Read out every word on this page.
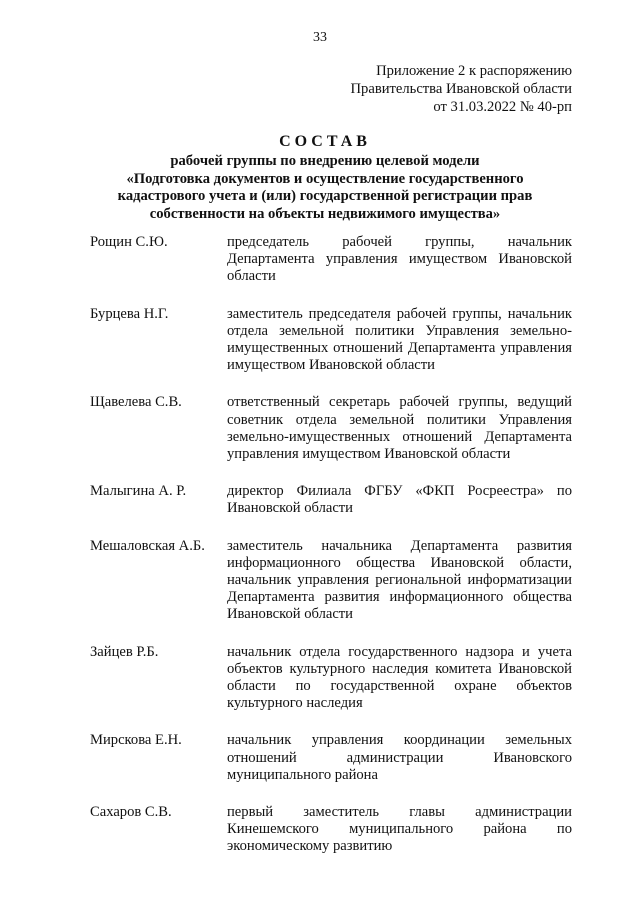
33
Приложение 2 к распоряжению
Правительства Ивановской области
от 31.03.2022 № 40-рп
СОСТАВ
рабочей группы по внедрению целевой модели
«Подготовка документов и осуществление государственного
кадастрового учета и (или) государственной регистрации прав
собственности на объекты недвижимого имущества»
Рощин С.Ю.	председатель рабочей группы, начальник Департамента управления имуществом Ивановской области
Бурцева Н.Г.	заместитель председателя рабочей группы, начальник отдела земельной политики Управления земельно-имущественных отношений Департамента управления имуществом Ивановской области
Щавелева С.В.	ответственный секретарь рабочей группы, ведущий советник отдела земельной политики Управления земельно-имущественных отношений Департамента управления имуществом Ивановской области
Малыгина А. Р.	директор Филиала ФГБУ «ФКП Росреестра» по Ивановской области
Мешаловская А.Б.	заместитель начальника Департамента развития информационного общества Ивановской области, начальник управления региональной информатизации Департамента развития информационного общества Ивановской области
Зайцев Р.Б.	начальник отдела государственного надзора и учета объектов культурного наследия комитета Ивановской области по государственной охране объектов культурного наследия
Мирскова Е.Н.	начальник управления координации земельных отношений администрации Ивановского муниципального района
Сахаров С.В.	первый заместитель главы администрации Кинешемского муниципального района по экономическому развитию
